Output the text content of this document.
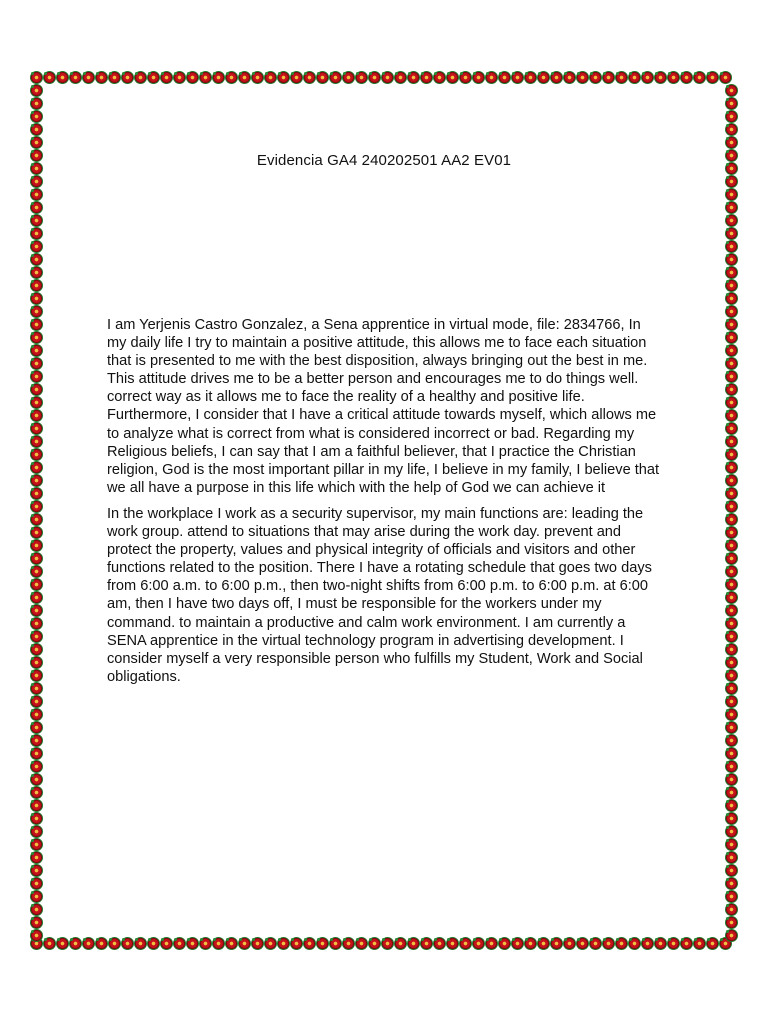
Evidencia GA4 240202501 AA2 EV01

I am Yerjenis Castro Gonzalez, a Sena apprentice in virtual mode, file: 2834766, In my daily life I try to maintain a positive attitude, this allows me to face each situation that is presented to me with the best disposition, always bringing out the best in me. This attitude drives me to be a better person and encourages me to do things well. correct way as it allows me to face the reality of a healthy and positive life. Furthermore, I consider that I have a critical attitude towards myself, which allows me to analyze what is correct from what is considered incorrect or bad. Regarding my Religious beliefs, I can say that I am a faithful believer, that I practice the Christian religion, God is the most important pillar in my life, I believe in my family, I believe that we all have a purpose in this life which with the help of God we can achieve it

In the workplace I work as a security supervisor, my main functions are: leading the work group. attend to situations that may arise during the work day. prevent and protect the property, values and physical integrity of officials and visitors and other functions related to the position. There I have a rotating schedule that goes two days from 6:00 a.m. to 6:00 p.m., then two-night shifts from 6:00 p.m. to 6:00 p.m. at 6:00 am, then I have two days off, I must be responsible for the workers under my command. to maintain a productive and calm work environment. I am currently a SENA apprentice in the virtual technology program in advertising development. I consider myself a very responsible person who fulfills my Student, Work and Social obligations.
